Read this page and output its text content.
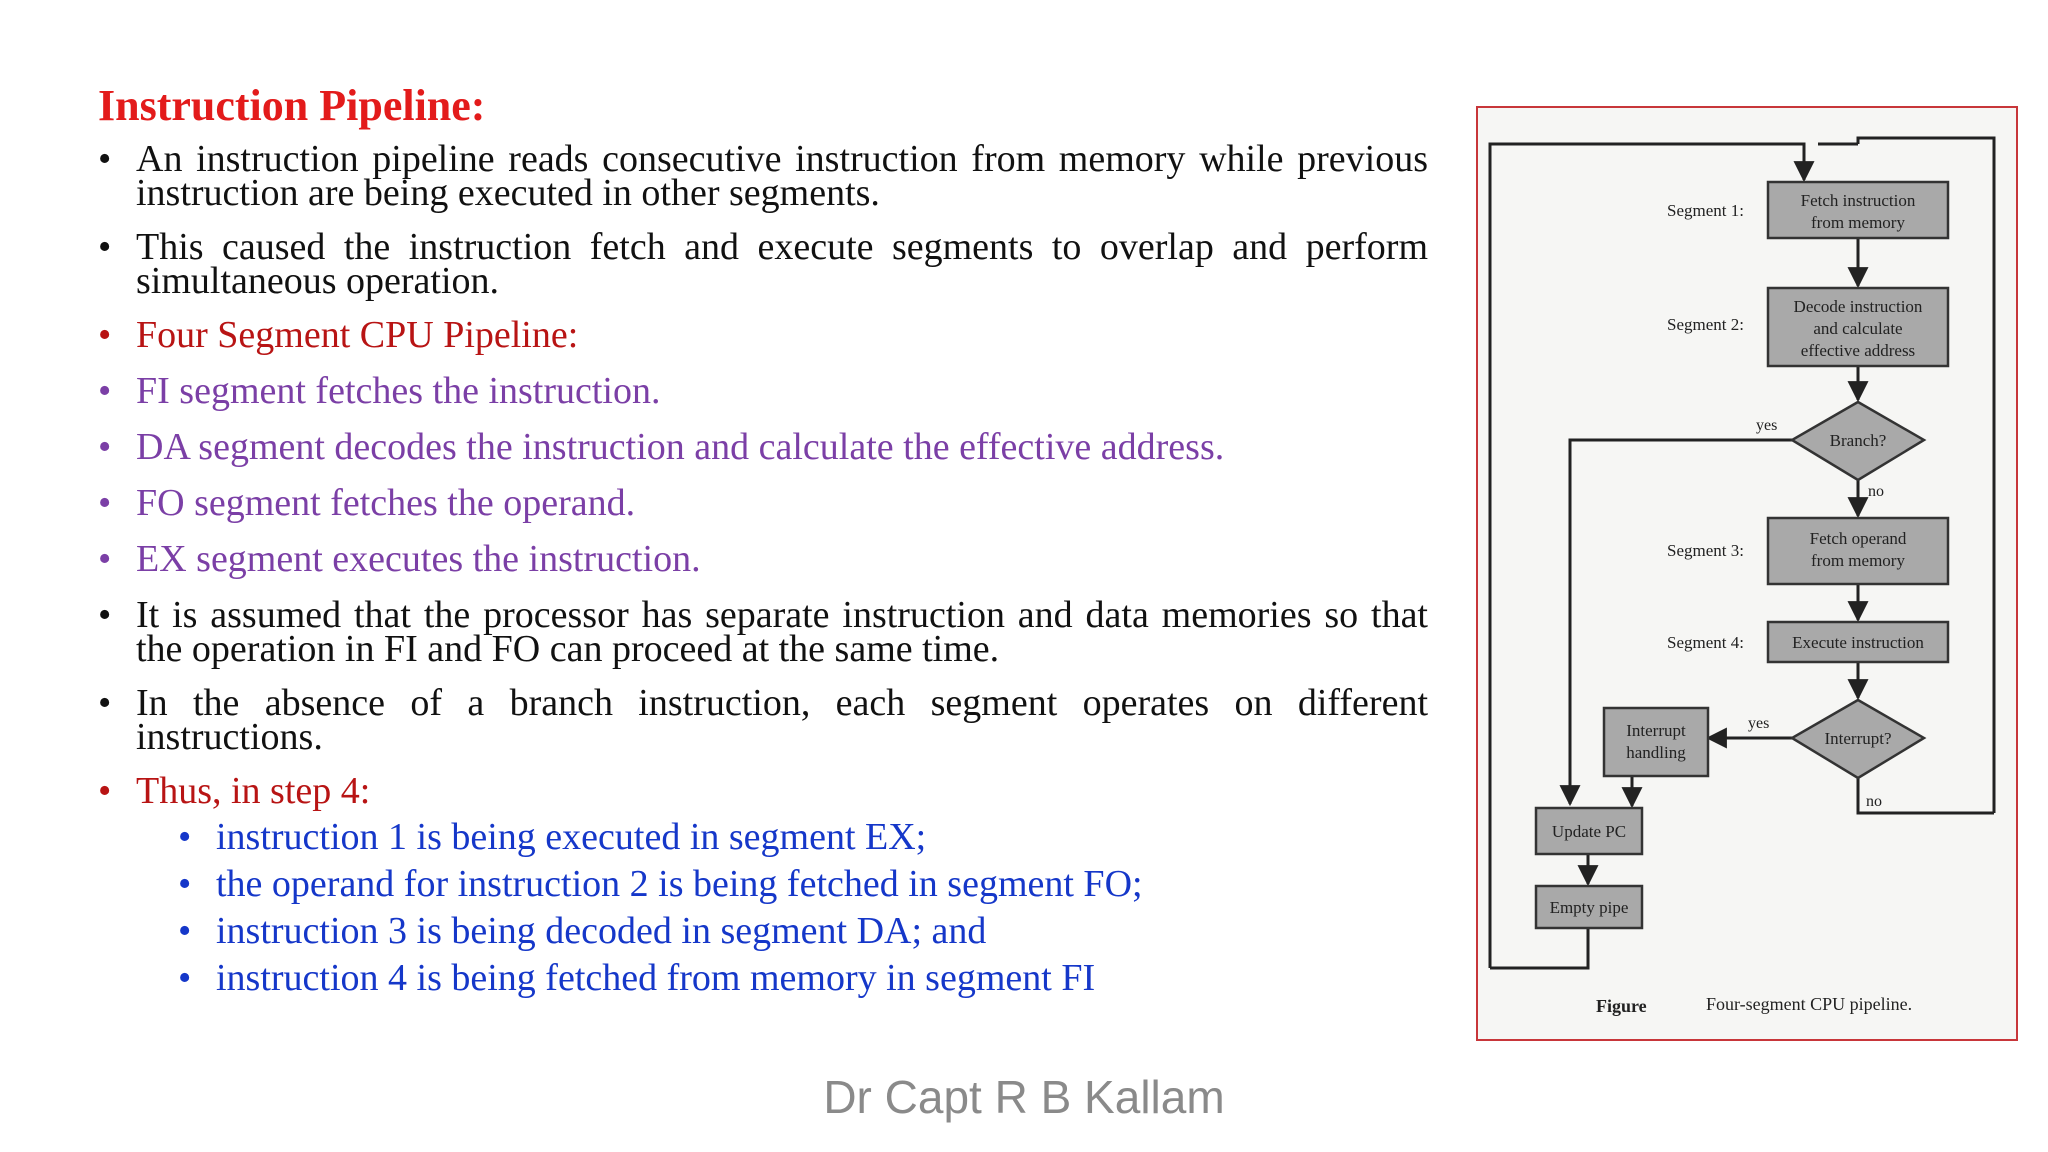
Instruction Pipeline:
• An instruction pipeline reads consecutive instruction from memory while previous instruction are being executed in other segments.
• This caused the instruction fetch and execute segments to overlap and perform simultaneous operation.
• Four Segment CPU Pipeline:
• FI segment fetches the instruction.
• DA segment decodes the instruction and calculate the effective address.
• FO segment fetches the operand.
• EX segment executes the instruction.
• It is assumed that the processor has separate instruction and data memories so that the operation in FI and FO can proceed at the same time.
• In the absence of a branch instruction, each segment operates on different instructions.
• Thus, in step 4:
• instruction 1 is being executed in segment EX;
• the operand for instruction 2 is being fetched in segment FO;
• instruction 3 is being decoded in segment DA; and
• instruction 4 is being fetched from memory in segment FI
Fetch instruction
from memory
Decode instruction
and calculate
effective address
Branch?
Fetch operand
from memory
Execute instruction
Interrupt?
Interrupt
handling
Update PC
Empty pipe
Segment 1:
Segment 2:
Segment 3:
Segment 4:
yes
no
yes
no
Figure	Four-segment CPU pipeline.
Dr Capt R B Kallam
